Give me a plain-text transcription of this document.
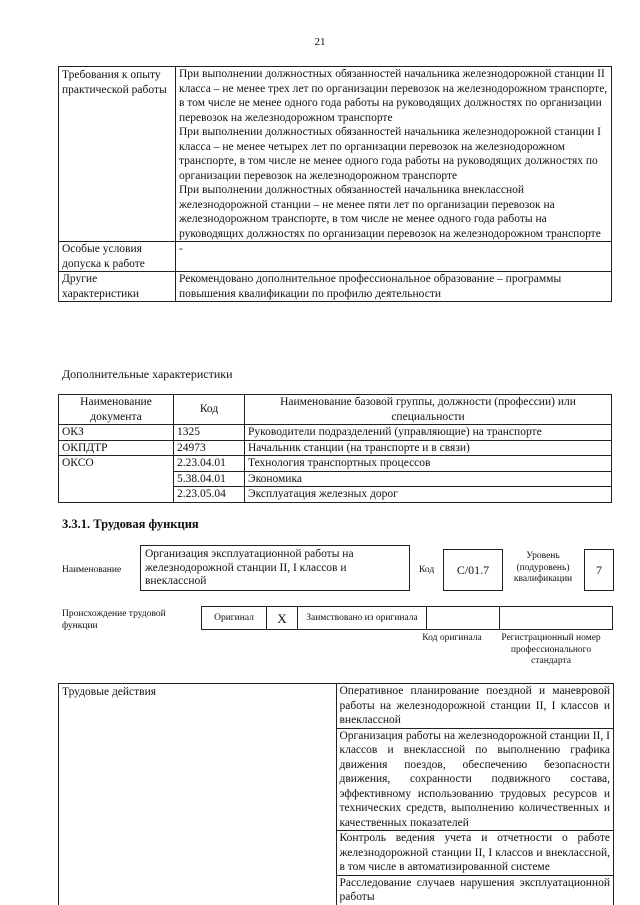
21
Требования к опыту практической работы	При выполнении должностных обязанностей начальника железнодорожной станции II класса – не менее трех лет по организации перевозок на железнодорожном транспорте, в том числе не менее одного года работы на руководящих должностях по организации перевозок на железнодорожном транспорте
При выполнении должностных обязанностей начальника железнодорожной станции I класса – не менее четырех лет по организации перевозок на железнодорожном транспорте, в том числе не менее одного года работы на руководящих должностях по организации перевозок на железнодорожном транспорте
При выполнении должностных обязанностей начальника внеклассной железнодорожной станции – не менее пяти лет по организации перевозок на железнодорожном транспорте, в том числе не менее одного года работы на руководящих должностях по организации перевозок на железнодорожном транспорте

Особые условия допуска к работе	-
Другие характеристики	Рекомендовано дополнительное профессиональное образование – программы повышения квалификации по профилю деятельности
Дополнительные характеристики
Наименование документа	Код	Наименование базовой группы, должности (профессии) или специальности
ОКЗ	1325	Руководители подразделений (управляющие) на транспорте
ОКПДТР	24973	Начальник станции (на транспорте и в связи)
ОКСО	2.23.04.01	Технология транспортных процессов
	5.38.04.01	Экономика
	2.23.05.04	Эксплуатация железных дорог
3.3.1. Трудовая функция
Наименование
Организация эксплуатационной работы на железнодорожной станции II, I классов и внеклассной
Код	C/01.7
Уровень (подуровень) квалификации
7
Происхождение трудовой функции
Оригинал	X	Заимствовано из оригинала		
Код оригинала	Регистрационный номер профессионального стандарта
Трудовые действия	Оперативное планирование поездной и маневровой работы на железнодорожной станции II, I классов и внеклассной
Организация работы на железнодорожной станции II, I классов и внеклассной по выполнению графика движения поездов, обеспечению безопасности движения, сохранности подвижного состава, эффективному использованию трудовых ресурсов и технических средств, выполнению количественных и качественных показателей
Контроль ведения учета и отчетности о работе железнодорожной станции II, I классов и внеклассной, в том числе в автоматизированной системе
Расследование случаев нарушения эксплуатационной работы
